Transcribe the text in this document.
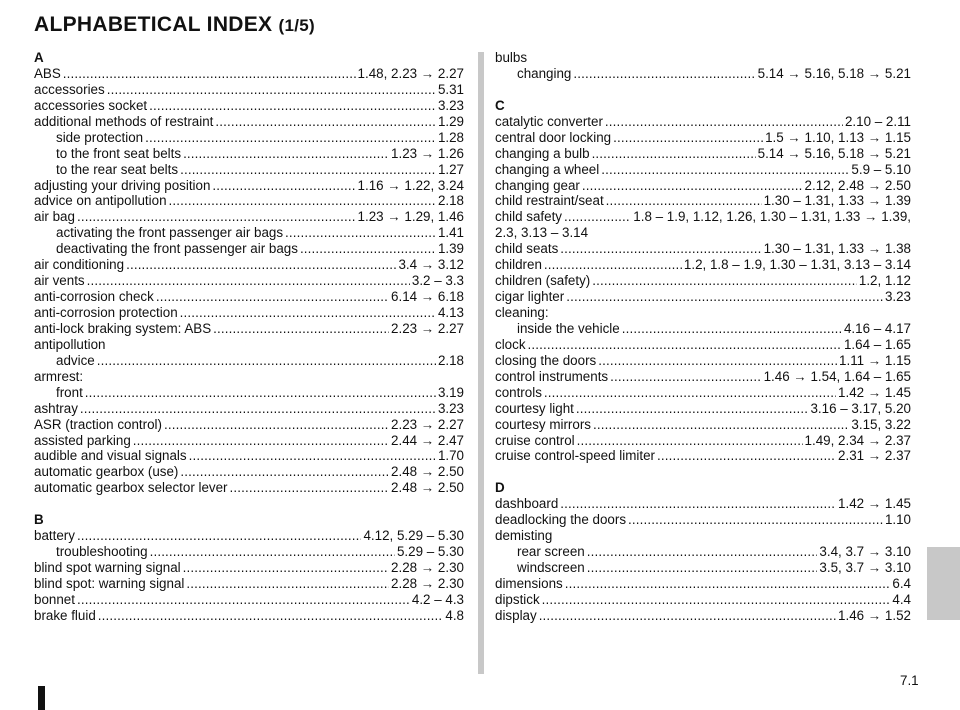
ALPHABETICAL INDEX (1/5)
A
ABS .....	1.48, 2.23 → 2.27
accessories .....	5.31
accessories socket .....	3.23
additional methods of restraint .....	1.29
side protection .....	1.28
to the front seat belts .....	1.23 → 1.26
to the rear seat belts .....	1.27
adjusting your driving position .....	1.16 → 1.22, 3.24
advice on antipollution .....	2.18
air bag .....	1.23 → 1.29, 1.46
activating the front passenger air bags .....	1.41
deactivating the front passenger air bags .....	1.39
air conditioning .....	3.4 → 3.12
air vents .....	3.2 – 3.3
anti-corrosion check .....	6.14 → 6.18
anti-corrosion protection .....	4.13
anti-lock braking system: ABS .....	2.23 → 2.27
antipollution
advice .....	2.18
armrest:
front .....	3.19
ashtray .....	3.23
ASR (traction control) .....	2.23 → 2.27
assisted parking .....	2.44 → 2.47
audible and visual signals .....	1.70
automatic gearbox (use) .....	2.48 → 2.50
automatic gearbox selector lever .....	2.48 → 2.50
B
battery .....	4.12, 5.29 – 5.30
troubleshooting .....	5.29 – 5.30
blind spot warning signal .....	2.28 → 2.30
blind spot: warning signal .....	2.28 → 2.30
bonnet .....	4.2 – 4.3
brake fluid .....	4.8
bulbs
changing .....	5.14 → 5.16, 5.18 → 5.21
C
catalytic converter .....	2.10 – 2.11
central door locking .....	1.5 → 1.10, 1.13 → 1.15
changing a bulb .....	5.14 → 5.16, 5.18 → 5.21
changing a wheel .....	5.9 – 5.10
changing gear .....	2.12, 2.48 → 2.50
child restraint/seat .....	1.30 – 1.31, 1.33 → 1.39
child safety .....	1.8 – 1.9, 1.12, 1.26, 1.30 – 1.31, 1.33 → 1.39,
2.3, 3.13 – 3.14
child seats .....	1.30 – 1.31, 1.33 → 1.38
children .....	1.2, 1.8 – 1.9, 1.30 – 1.31, 3.13 – 3.14
children (safety) .....	1.2, 1.12
cigar lighter .....	3.23
cleaning:
inside the vehicle .....	4.16 – 4.17
clock .....	1.64 – 1.65
closing the doors .....	1.11 → 1.15
control instruments .....	1.46 → 1.54, 1.64 – 1.65
controls .....	1.42 → 1.45
courtesy light .....	3.16 – 3.17, 5.20
courtesy mirrors .....	3.15, 3.22
cruise control .....	1.49, 2.34 → 2.37
cruise control-speed limiter .....	2.31 → 2.37
D
dashboard .....	1.42 → 1.45
deadlocking the doors .....	1.10
demisting
rear screen .....	3.4, 3.7 → 3.10
windscreen .....	3.5, 3.7 → 3.10
dimensions .....	6.4
dipstick .....	4.4
display .....	1.46 → 1.52
7.1
